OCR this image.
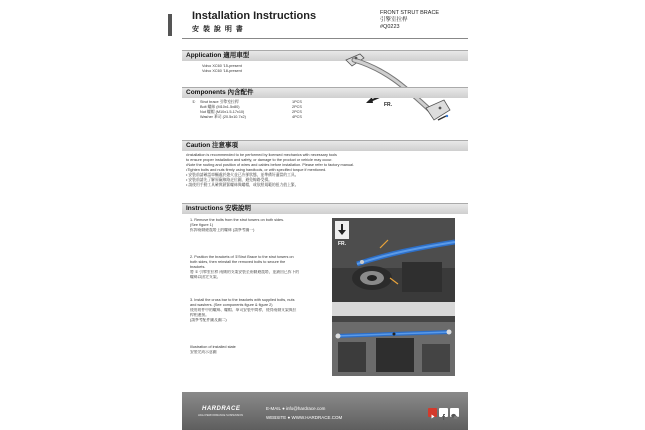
Installation Instructions
安 裝 說 明 書
FRONT STRUT BRACE
引擎室拉桿
#Q0223
Application 適用車型
Volvo XC60 '15-present
Volvo XC60 '18-present
FR.
Components 內含配件
① Strut brace 引擎室拉桿	1PCS
Bolt 螺絲 (M10x1.5x80)	2PCS
Nut 螺帽 (M10x1.5-17x10)	2PCS
Washer 華司 (20.5x10.7x2)	4PCS
Caution 注意事項
•Installation is recommended to be performed by licensed mechanics with necessary tools
to ensure proper installation and safety, or damage to the product or vehicle may occur.
•Note the routing and position of wires and cables before installation. Please refer to factory manual.
•Tighten bolts and nuts firmly using handtools, or with specified torque if mentioned.
• 安裝前請確認車輛處於熄火並已冷卻狀態，並準備好適當的工具。
• 安裝前請先了解原廠線路走位圖，避免線路受損。
• 請使用手動工具確實鎖緊螺絲與螺帽，或依照規範的扭力值上緊。
Instructions 安裝說明
1. Remove the bolts from the strut towers on both sides.
(See figure 1)
拆卸兩側避震塔上的螺絲 (請參考圖一)
2. Position the brackets of ①Strut Brace to the strut towers on
both sides, then reinstall the removed bolts to secure the
brackets.
將 ① 引擎室拉桿 兩側的支架安裝至兩側避震塔，並鎖回已拆下的
螺絲以固定支架。
3. Install the cross bar to the brackets with supplied bolts, nuts
and washers. (See components figure & figure 2)
使用附件中的螺絲、螺帽、華司安裝中間桿，使得兩側支架與拉
桿相連接。
(請參考配件圖及圖二)
Illustration of installed state
安裝完成示意圖
FR.
HARDRACE
HIGH PERFORMANCE SUSPENSION
E-MAIL ● info@hardrace.com
WEBSITE ● WWW.HARDRACE.COM
